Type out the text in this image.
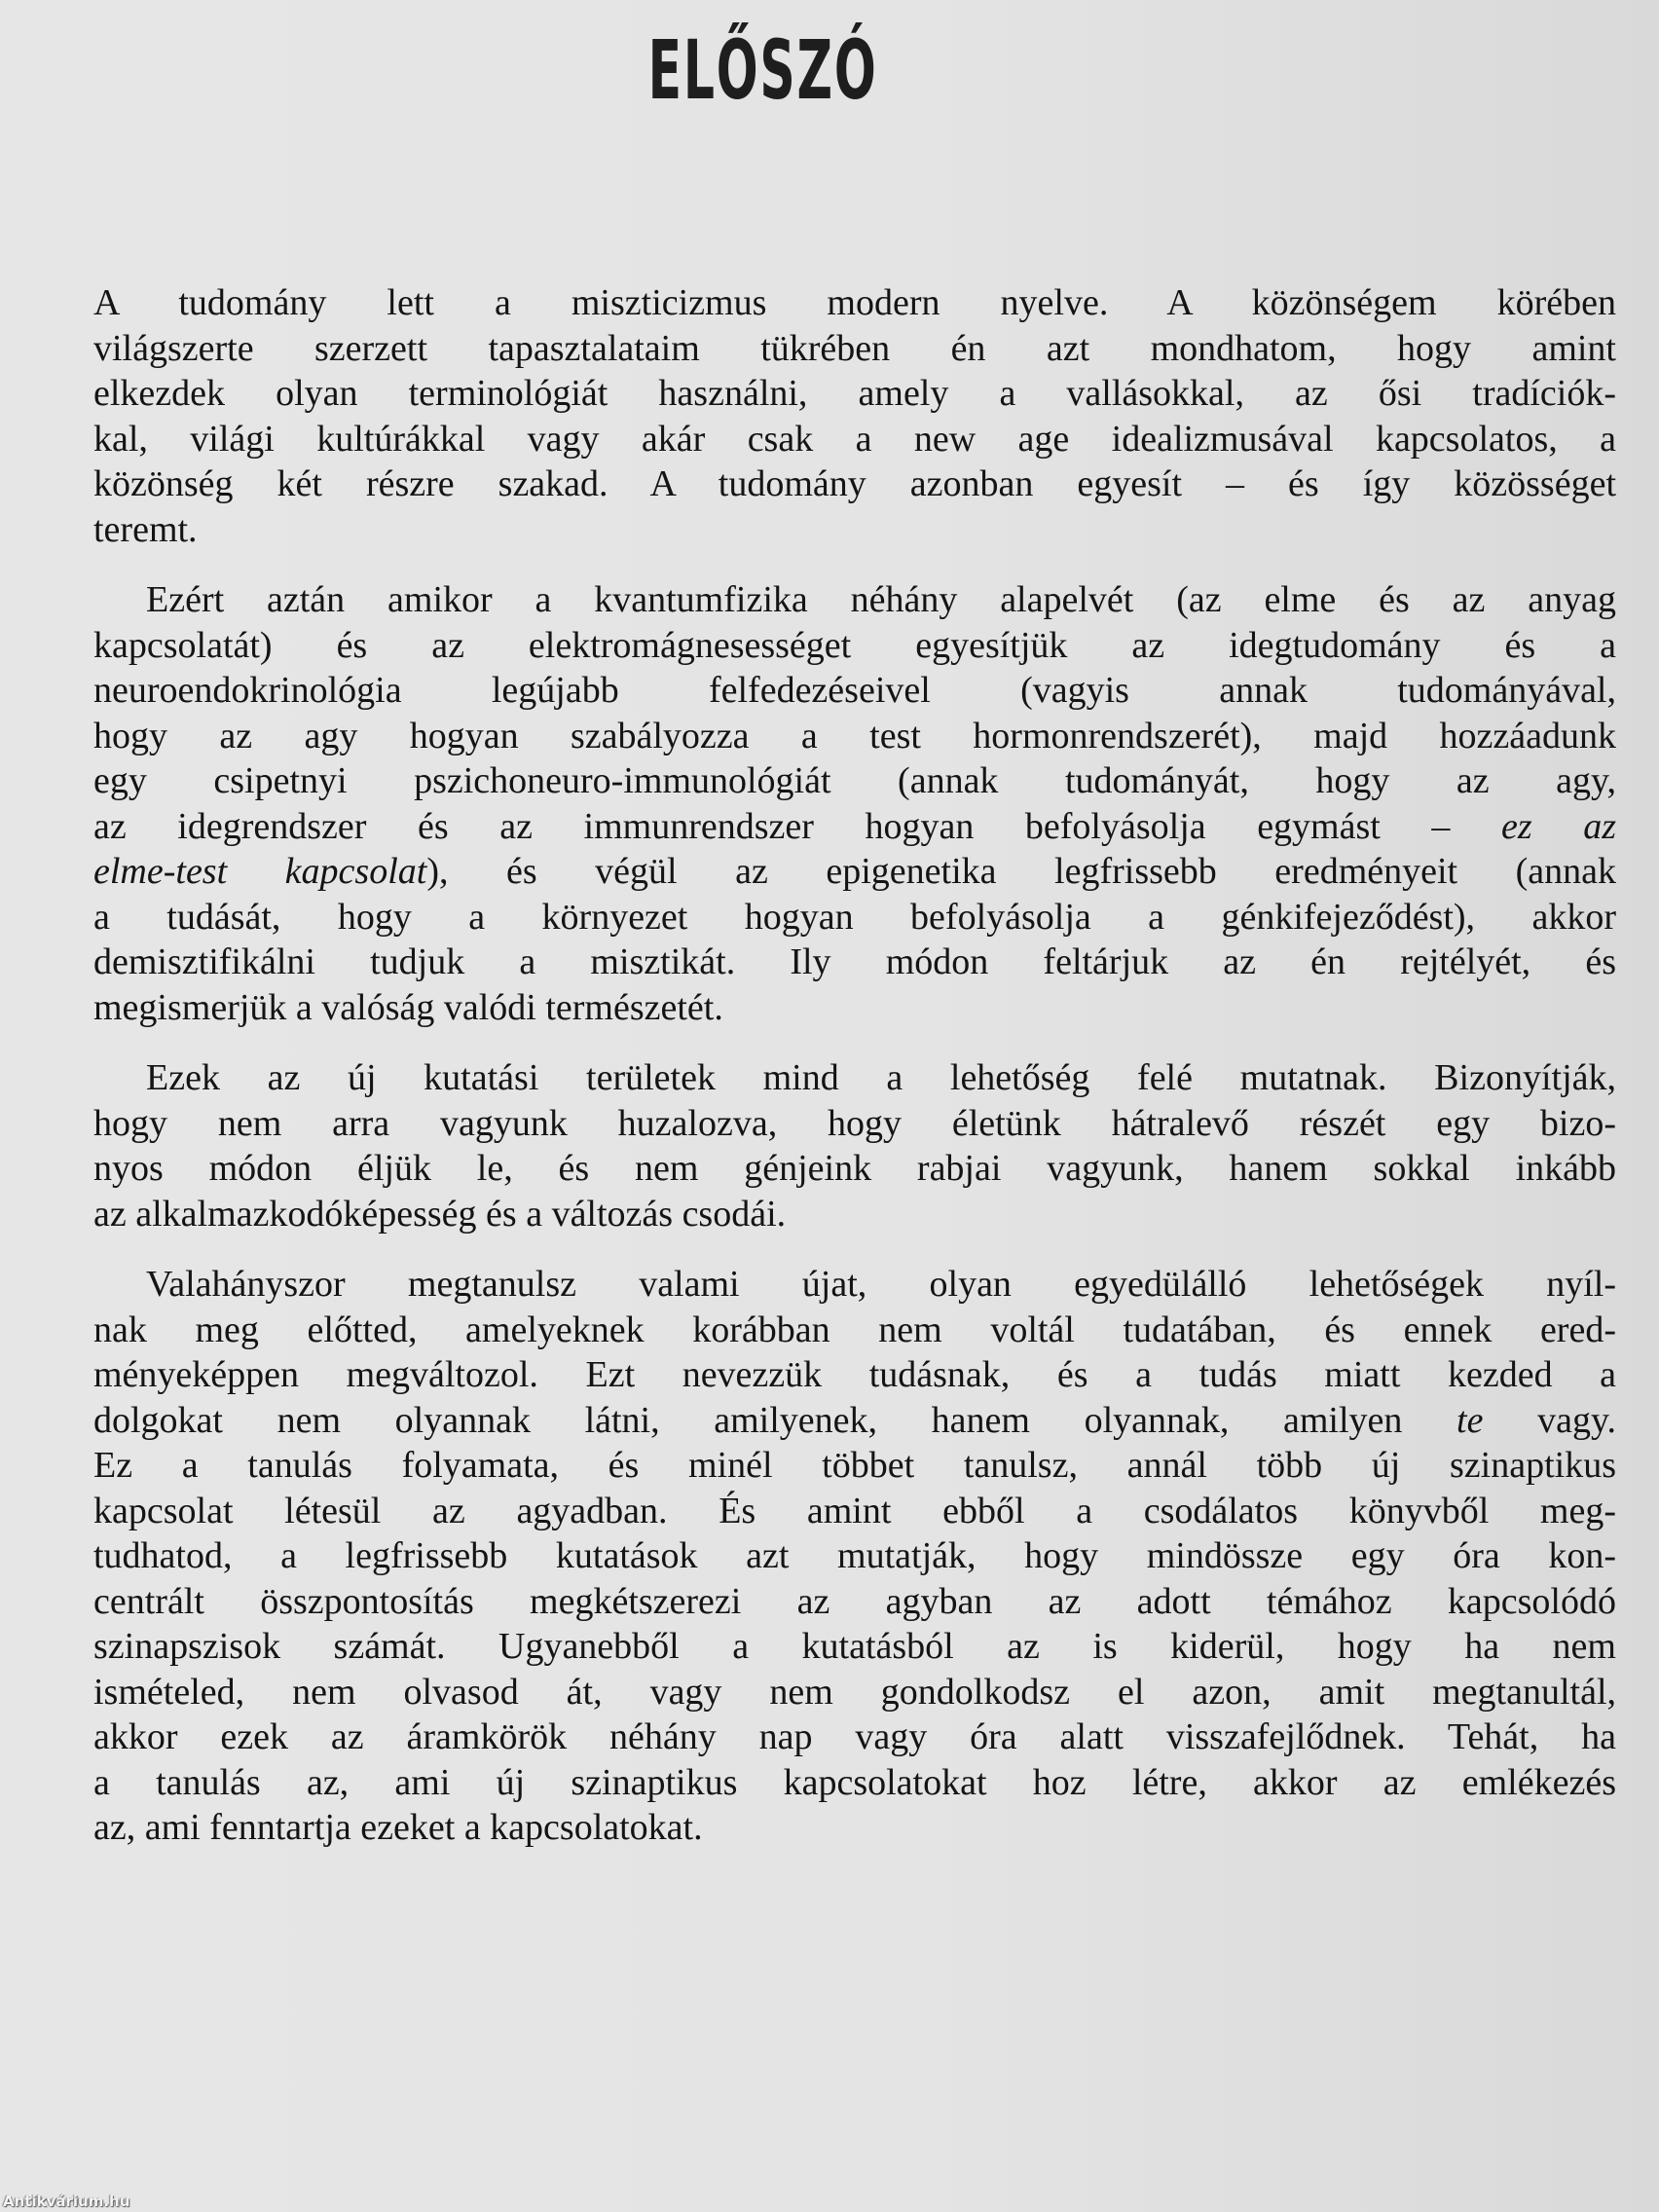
ELŐSZÓ
A tudomány lett a miszticizmus modern nyelve. A közönségem körében
világszerte szerzett tapasztalataim tükrében én azt mondhatom, hogy amint
elkezdek olyan terminológiát használni, amely a vallásokkal, az ősi tradíciók-
kal, világi kultúrákkal vagy akár csak a new age idealizmusával kapcsolatos, a
közönség két részre szakad. A tudomány azonban egyesít – és így közösséget
teremt.
Ezért aztán amikor a kvantumfizika néhány alapelvét (az elme és az anyag
kapcsolatát) és az elektromágnesességet egyesítjük az idegtudomány és a
neuroendokrinológia legújabb felfedezéseivel (vagyis annak tudományával,
hogy az agy hogyan szabályozza a test hormonrendszerét), majd hozzáadunk
egy csipetnyi pszichoneuro-immunológiát (annak tudományát, hogy az agy,
az idegrendszer és az immunrendszer hogyan befolyásolja egymást – ez az
elme-test kapcsolat), és végül az epigenetika legfrissebb eredményeit (annak
a tudását, hogy a környezet hogyan befolyásolja a génkifejeződést), akkor
demisztifikálni tudjuk a misztikát. Ily módon feltárjuk az én rejtélyét, és
megismerjük a valóság valódi természetét.
Ezek az új kutatási területek mind a lehetőség felé mutatnak. Bizonyítják,
hogy nem arra vagyunk huzalozva, hogy életünk hátralevő részét egy bizo-
nyos módon éljük le, és nem génjeink rabjai vagyunk, hanem sokkal inkább
az alkalmazkodóképesség és a változás csodái.
Valahányszor megtanulsz valami újat, olyan egyedülálló lehetőségek nyíl-
nak meg előtted, amelyeknek korábban nem voltál tudatában, és ennek ered-
ményeképpen megváltozol. Ezt nevezzük tudásnak, és a tudás miatt kezded a
dolgokat nem olyannak látni, amilyenek, hanem olyannak, amilyen te vagy.
Ez a tanulás folyamata, és minél többet tanulsz, annál több új szinaptikus
kapcsolat létesül az agyadban. És amint ebből a csodálatos könyvből meg-
tudhatod, a legfrissebb kutatások azt mutatják, hogy mindössze egy óra kon-
centrált összpontosítás megkétszerezi az agyban az adott témához kapcsolódó
szinapszisok számát. Ugyanebből a kutatásból az is kiderül, hogy ha nem
ismételed, nem olvasod át, vagy nem gondolkodsz el azon, amit megtanultál,
akkor ezek az áramkörök néhány nap vagy óra alatt visszafejlődnek. Tehát, ha
a tanulás az, ami új szinaptikus kapcsolatokat hoz létre, akkor az emlékezés
az, ami fenntartja ezeket a kapcsolatokat.
Antikvárium.hu
